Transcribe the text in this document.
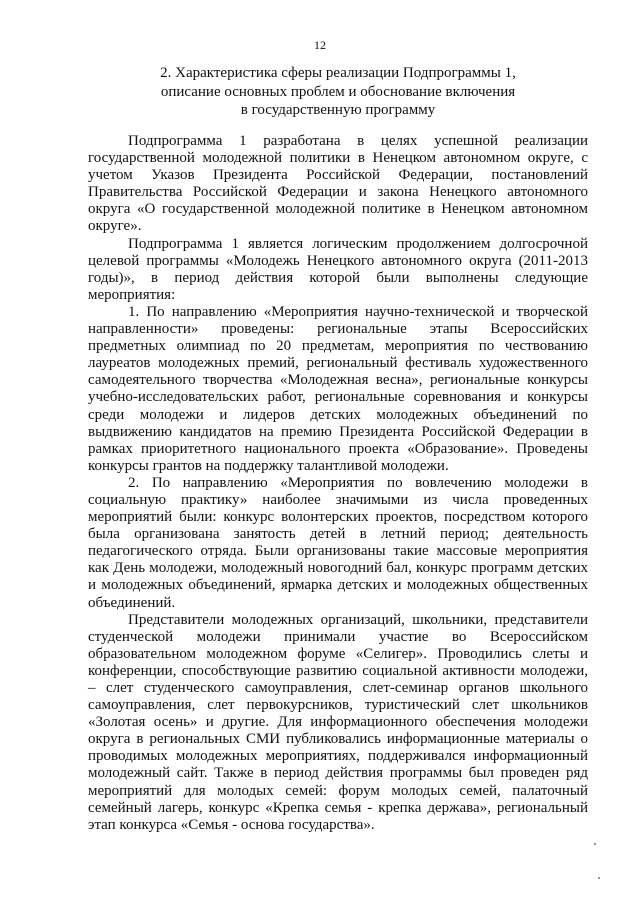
12
2. Характеристика сферы реализации Подпрограммы 1,
описание основных проблем и обоснование включения
в государственную программу

Подпрограмма 1 разработана в целях успешной реализации государственной молодежной политики в Ненецком автономном округе, с учетом Указов Президента Российской Федерации, постановлений Правительства Российской Федерации и закона Ненецкого автономного округа «О государственной молодежной политике в Ненецком автономном округе».

Подпрограмма 1 является логическим продолжением долгосрочной целевой программы «Молодежь Ненецкого автономного округа (2011-2013 годы)», в период действия которой были выполнены следующие мероприятия:

1. По направлению «Мероприятия научно-технической и творческой направленности» проведены: региональные этапы Всероссийских предметных олимпиад по 20 предметам, мероприятия по чествованию лауреатов молодежных премий, региональный фестиваль художественного самодеятельного творчества «Молодежная весна», региональные конкурсы учебно-исследовательских работ, региональные соревнования и конкурсы среди молодежи и лидеров детских молодежных объединений по выдвижению кандидатов на премию Президента Российской Федерации в рамках приоритетного национального проекта «Образование». Проведены конкурсы грантов на поддержку талантливой молодежи.

2. По направлению «Мероприятия по вовлечению молодежи в социальную практику» наиболее значимыми из числа проведенных мероприятий были: конкурс волонтерских проектов, посредством которого была организована занятость детей в летний период; деятельность педагогического отряда. Были организованы такие массовые мероприятия как День молодежи, молодежный новогодний бал, конкурс программ детских и молодежных объединений, ярмарка детских и молодежных общественных объединений.

Представители молодежных организаций, школьники, представители студенческой молодежи принимали участие во Всероссийском образовательном молодежном форуме «Селигер». Проводились слеты и конференции, способствующие развитию социальной активности молодежи, – слет студенческого самоуправления, слет-семинар органов школьного самоуправления, слет первокурсников, туристический слет школьников «Золотая осень» и другие. Для информационного обеспечения молодежи округа в региональных СМИ публиковались информационные материалы о проводимых молодежных мероприятиях, поддерживался информационный молодежный сайт. Также в период действия программы был проведен ряд мероприятий для молодых семей: форум молодых семей, палаточный семейный лагерь, конкурс «Крепка семья - крепка держава», региональный этап конкурса «Семья - основа государства».
